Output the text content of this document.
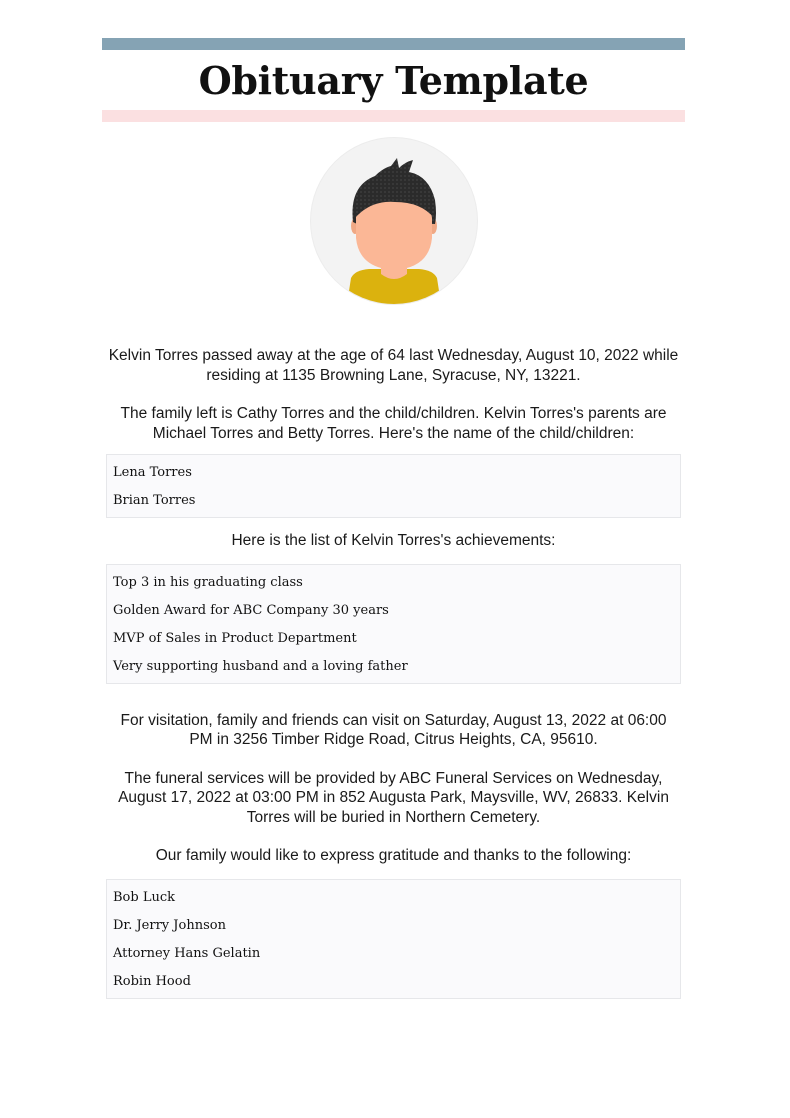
Obituary Template

Kelvin Torres passed away at the age of 64 last Wednesday, August 10, 2022 while residing at 1135 Browning Lane, Syracuse, NY, 13221.

The family left is Cathy Torres and the child/children. Kelvin Torres's parents are Michael Torres and Betty Torres. Here's the name of the child/children:

Lena Torres
Brian Torres

Here is the list of Kelvin Torres's achievements:

Top 3 in his graduating class
Golden Award for ABC Company 30 years
MVP of Sales in Product Department
Very supporting husband and a loving father

For visitation, family and friends can visit on Saturday, August 13, 2022 at 06:00 PM in 3256 Timber Ridge Road, Citrus Heights, CA, 95610.

The funeral services will be provided by ABC Funeral Services on Wednesday, August 17, 2022 at 03:00 PM in 852 Augusta Park, Maysville, WV, 26833. Kelvin Torres will be buried in Northern Cemetery.

Our family would like to express gratitude and thanks to the following:

Bob Luck
Dr. Jerry Johnson
Attorney Hans Gelatin
Robin Hood
